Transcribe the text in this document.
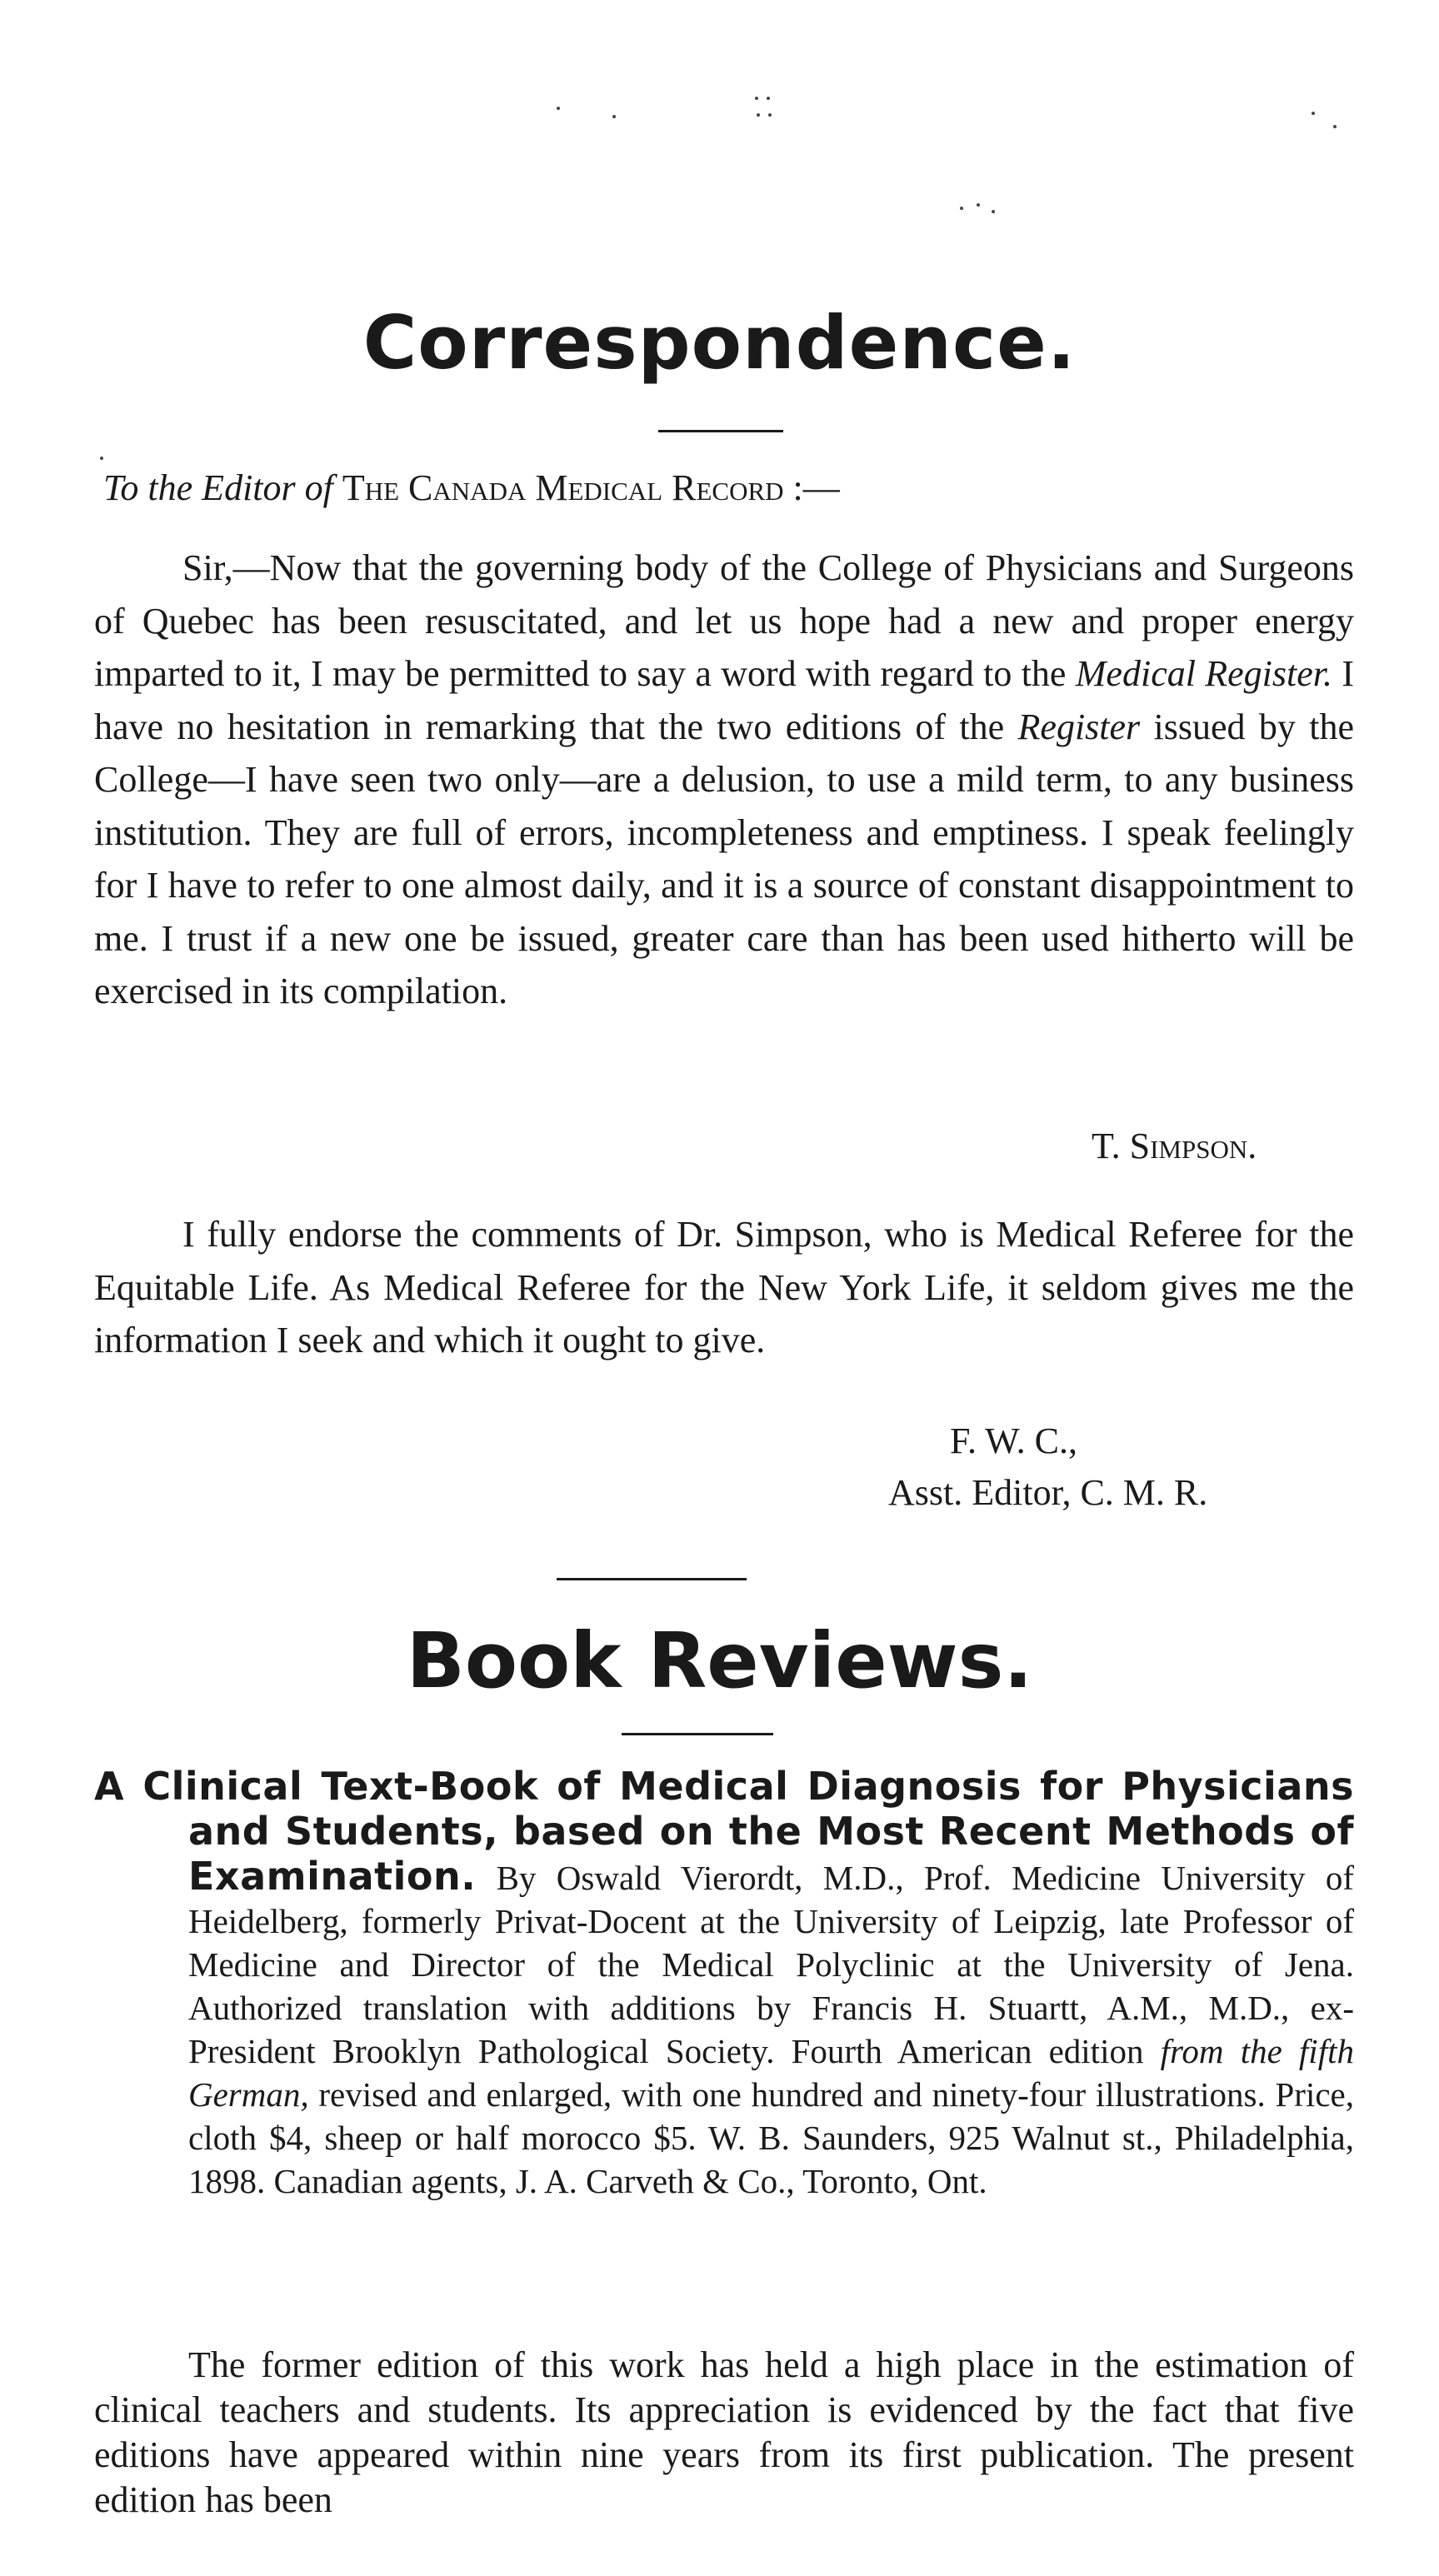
Correspondence.
To the Editor of The Canada Medical Record :—
Sir,—Now that the governing body of the College of Physicians and Surgeons of Quebec has been resuscitated, and let us hope had a new and proper energy imparted to it, I may be permitted to say a word with regard to the Medical Register. I have no hesitation in remarking that the two editions of the Register issued by the College—I have seen two only—are a delusion, to use a mild term, to any business institution. They are full of errors, incompleteness and emptiness. I speak feelingly for I have to refer to one almost daily, and it is a source of constant disappointment to me. I trust if a new one be issued, greater care than has been used hitherto will be exercised in its compilation.
T. Simpson.
I fully endorse the comments of Dr. Simpson, who is Medical Referee for the Equitable Life. As Medical Referee for the New York Life, it seldom gives me the information I seek and which it ought to give.
F. W. C.,
Asst. Editor, C. M. R.
Book Reviews.
A Clinical Text-Book of Medical Diagnosis for Physicians and Students, based on the Most Recent Methods of Examination. By Oswald Vierordt, M.D., Prof. Medicine University of Heidelberg, formerly Privat-Docent at the University of Leipzig, late Professor of Medicine and Director of the Medical Polyclinic at the University of Jena. Authorized translation with additions by Francis H. Stuartt, A.M., M.D., ex-President Brooklyn Pathological Society. Fourth American edition from the fifth German, revised and enlarged, with one hundred and ninety-four illustrations. Price, cloth $4, sheep or half morocco $5. W. B. Saunders, 925 Walnut st., Philadelphia, 1898. Canadian agents, J. A. Carveth & Co., Toronto, Ont.
The former edition of this work has held a high place in the estimation of clinical teachers and students. Its appreciation is evidenced by the fact that five editions have appeared within nine years from its first publication. The present edition has been
